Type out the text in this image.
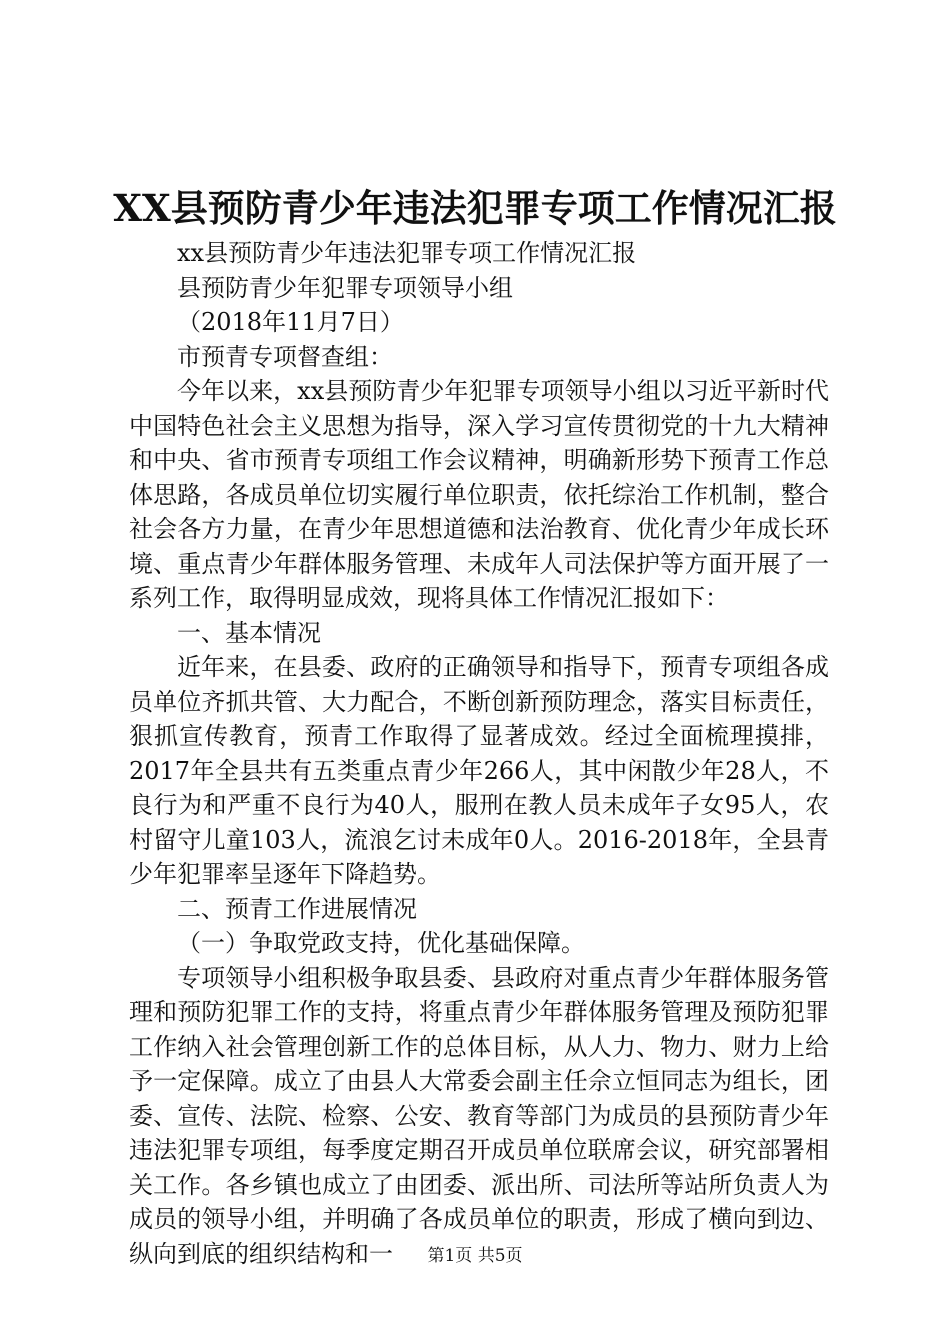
XX县预防青少年违法犯罪专项工作情况汇报

xx县预防青少年违法犯罪专项工作情况汇报

县预防青少年犯罪专项领导小组

（2018年11月7日）

市预青专项督查组：

今年以来，xx县预防青少年犯罪专项领导小组以习近平新时代中国特色社会主义思想为指导，深入学习宣传贯彻党的十九大精神和中央、省市预青专项组工作会议精神，明确新形势下预青工作总体思路，各成员单位切实履行单位职责，依托综治工作机制，整合社会各方力量，在青少年思想道德和法治教育、优化青少年成长环境、重点青少年群体服务管理、未成年人司法保护等方面开展了一系列工作，取得明显成效，现将具体工作情况汇报如下：

一、基本情况

近年来，在县委、政府的正确领导和指导下，预青专项组各成员单位齐抓共管、大力配合，不断创新预防理念，落实目标责任，狠抓宣传教育，预青工作取得了显著成效。经过全面梳理摸排，2017年全县共有五类重点青少年266人，其中闲散少年28人，不良行为和严重不良行为40人，服刑在教人员未成年子女95人，农村留守儿童103人，流浪乞讨未成年0人。2016-2018年，全县青少年犯罪率呈逐年下降趋势。

二、预青工作进展情况

（一）争取党政支持，优化基础保障。

专项领导小组积极争取县委、县政府对重点青少年群体服务管理和预防犯罪工作的支持，将重点青少年群体服务管理及预防犯罪工作纳入社会管理创新工作的总体目标，从人力、物力、财力上给予一定保障。成立了由县人大常委会副主任佘立恒同志为组长，团委、宣传、法院、检察、公安、教育等部门为成员的县预防青少年违法犯罪专项组，每季度定期召开成员单位联席会议，研究部署相关工作。各乡镇也成立了由团委、派出所、司法所等站所负责人为成员的领导小组，并明确了各成员单位的职责，形成了横向到边、纵向到底的组织结构和一	第1页 共5页
